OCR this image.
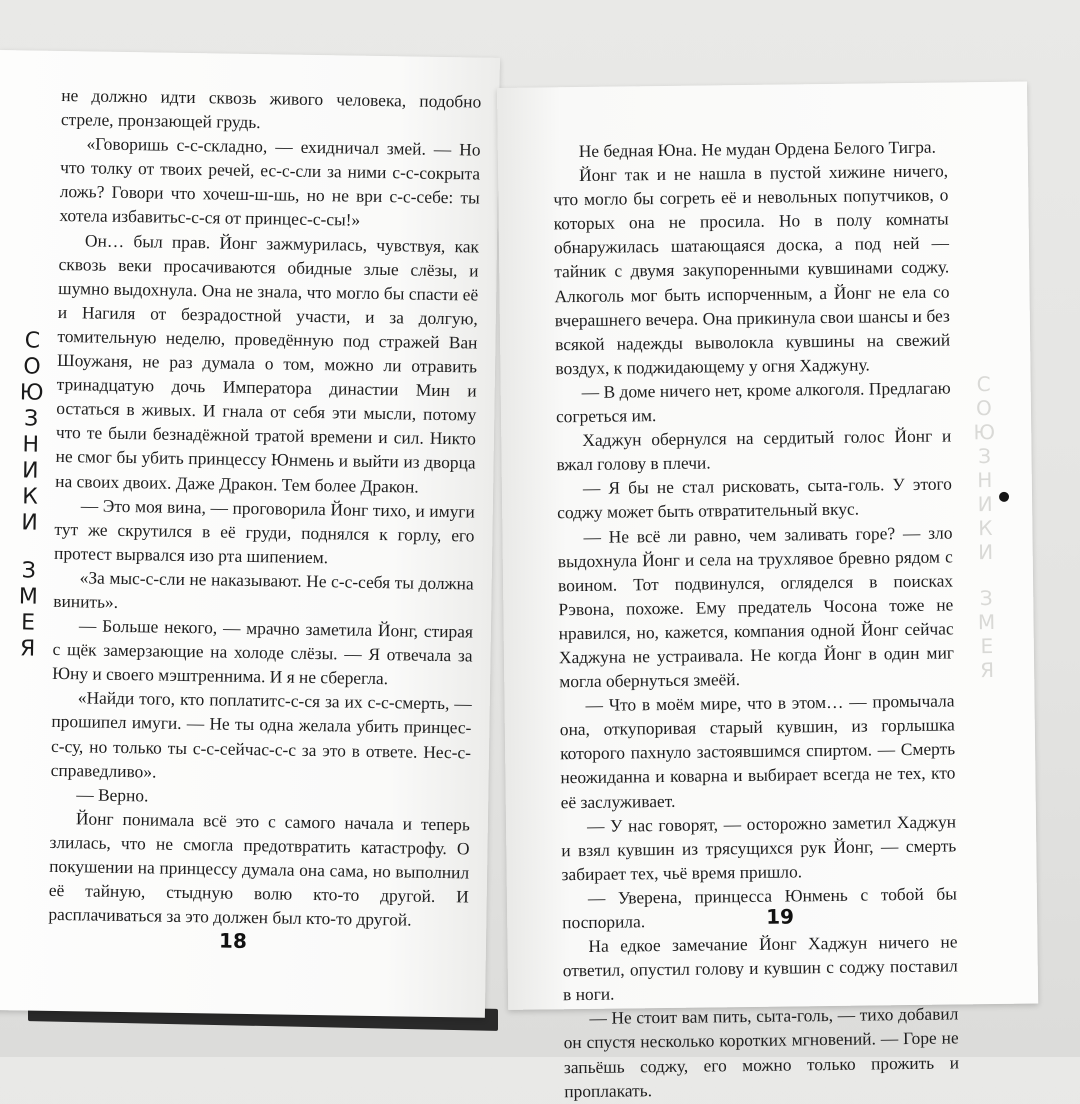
С
О
Ю
З
Н
И
К
И
З
М
Е
Я

не должно идти сквозь живого человека, подобно стреле, пронзающей грудь.

«Говоришь с-с-складно, — ехиднич​ал змей. — Но что толку от твоих речей, ес-с-сли за ними с-с-сокрыта ложь? Говори что хочеш-ш-шь, но не ври с-с-себе: ты хотела избавить​с-с-ся от принцес-с-сы!»

Он… был прав. Йонг зажмурилась, чувствуя, как сквозь веки просачиваются обидные злые слёзы, и шумно выдохнула. Она не знала, что могло бы спасти её и Нагиля от безрадостной участи, и за долгую, томительную неделю, проведённую под стражей Ван Шоужаня, не раз думала о том, можно ли отравить тринадцатую дочь Императора династии Мин и остаться в живых. И гнала от себя эти мысли, потому что те были безнадёжной тратой времени и сил. Никто не смог бы убить принцессу Юнмень и выйти из дворца на своих двоих. Даже Дракон. Тем более Дракон.

— Это моя вина, — проговорила Йонг тихо, и имуги тут же скрутился в её груди, поднялся к горлу, его протест вырвался изо рта шипением.

«За мыс-с-сли не наказывают. Не с-с-себя ты должна винить».

— Больше некого, — мрачно заметила Йонг, стирая с щёк замерзающие на холоде слёзы. — Я отвечала за Юну и своего мэштреннима. И я не сберегла.

«Найди того, кто поплатит​с-с-ся за их с-с-смерть, — прошипел имуги. — Не ты одна желала убить принцес-с-су, но только ты с-с-сейчас-с-с за это в ответе. Нес-с-справедливо».

— Верно.

Йонг понимала всё это с самого начала и теперь злилась, что не смогла предотвратить катастрофу. О покушении на принцессу думала она сама, но выполнил её тайную, стыдную волю кто-то другой. И расплачиваться за это должен был кто-то другой.

18

Не бедная Юна. Не мудан Ордена Белого Тигра.

Йонг так и не нашла в пустой хижине ничего, что могло бы согреть её и невольных попутчиков, о которых она не просила. Но в полу комнаты обнаружилась шатающаяся доска, а под ней — тайник с двумя закупоренными кувшинами соджу. Алкоголь мог быть испорченным, а Йонг не ела со вчерашнего вечера. Она прикинула свои шансы и без всякой надежды выволокла кувшины на свежий воздух, к поджидающему у огня Хаджуну.

— В доме ничего нет, кроме алкоголя. Предлагаю согреться им.

Хаджун обернулся на сердитый голос Йонг и вжал голову в плечи.

— Я бы не стал рисковать, сыта-голь. У этого соджу может быть отвратительный вкус.

— Не всё ли равно, чем заливать горе? — зло выдохнула Йонг и села на трухлявое бревно рядом с воином. Тот подвинулся, огляделся в поисках Рэвона, похоже. Ему предатель Чосона тоже не нравился, но, кажется, компания одной Йонг сейчас Хаджуна не устраивала. Не когда Йонг в один миг могла обернуться змеёй.

— Что в моём мире, что в этом… — промычала она, откупоривая старый кувшин, из горлышка которого пахнуло застоявшимся спиртом. — Смерть неожиданна и коварна и выбирает всегда не тех, кто её заслуживает.

— У нас говорят, — осторожно заметил Хаджун и взял кувшин из трясущихся рук Йонг, — смерть забирает тех, чьё время пришло.

— Уверена, принцесса Юнмень с тобой бы поспорила.

На едкое замечание Йонг Хаджун ничего не ответил, опустил голову и кувшин с соджу поставил в ноги.

— Не стоит вам пить, сыта-голь, — тихо добавил он спустя несколько коротких мгновений. — Горе не запьёшь соджу, его можно только прожить и проплакать.

С
О
Ю
З
Н
И
К
И
З
М
Е
Я
19
